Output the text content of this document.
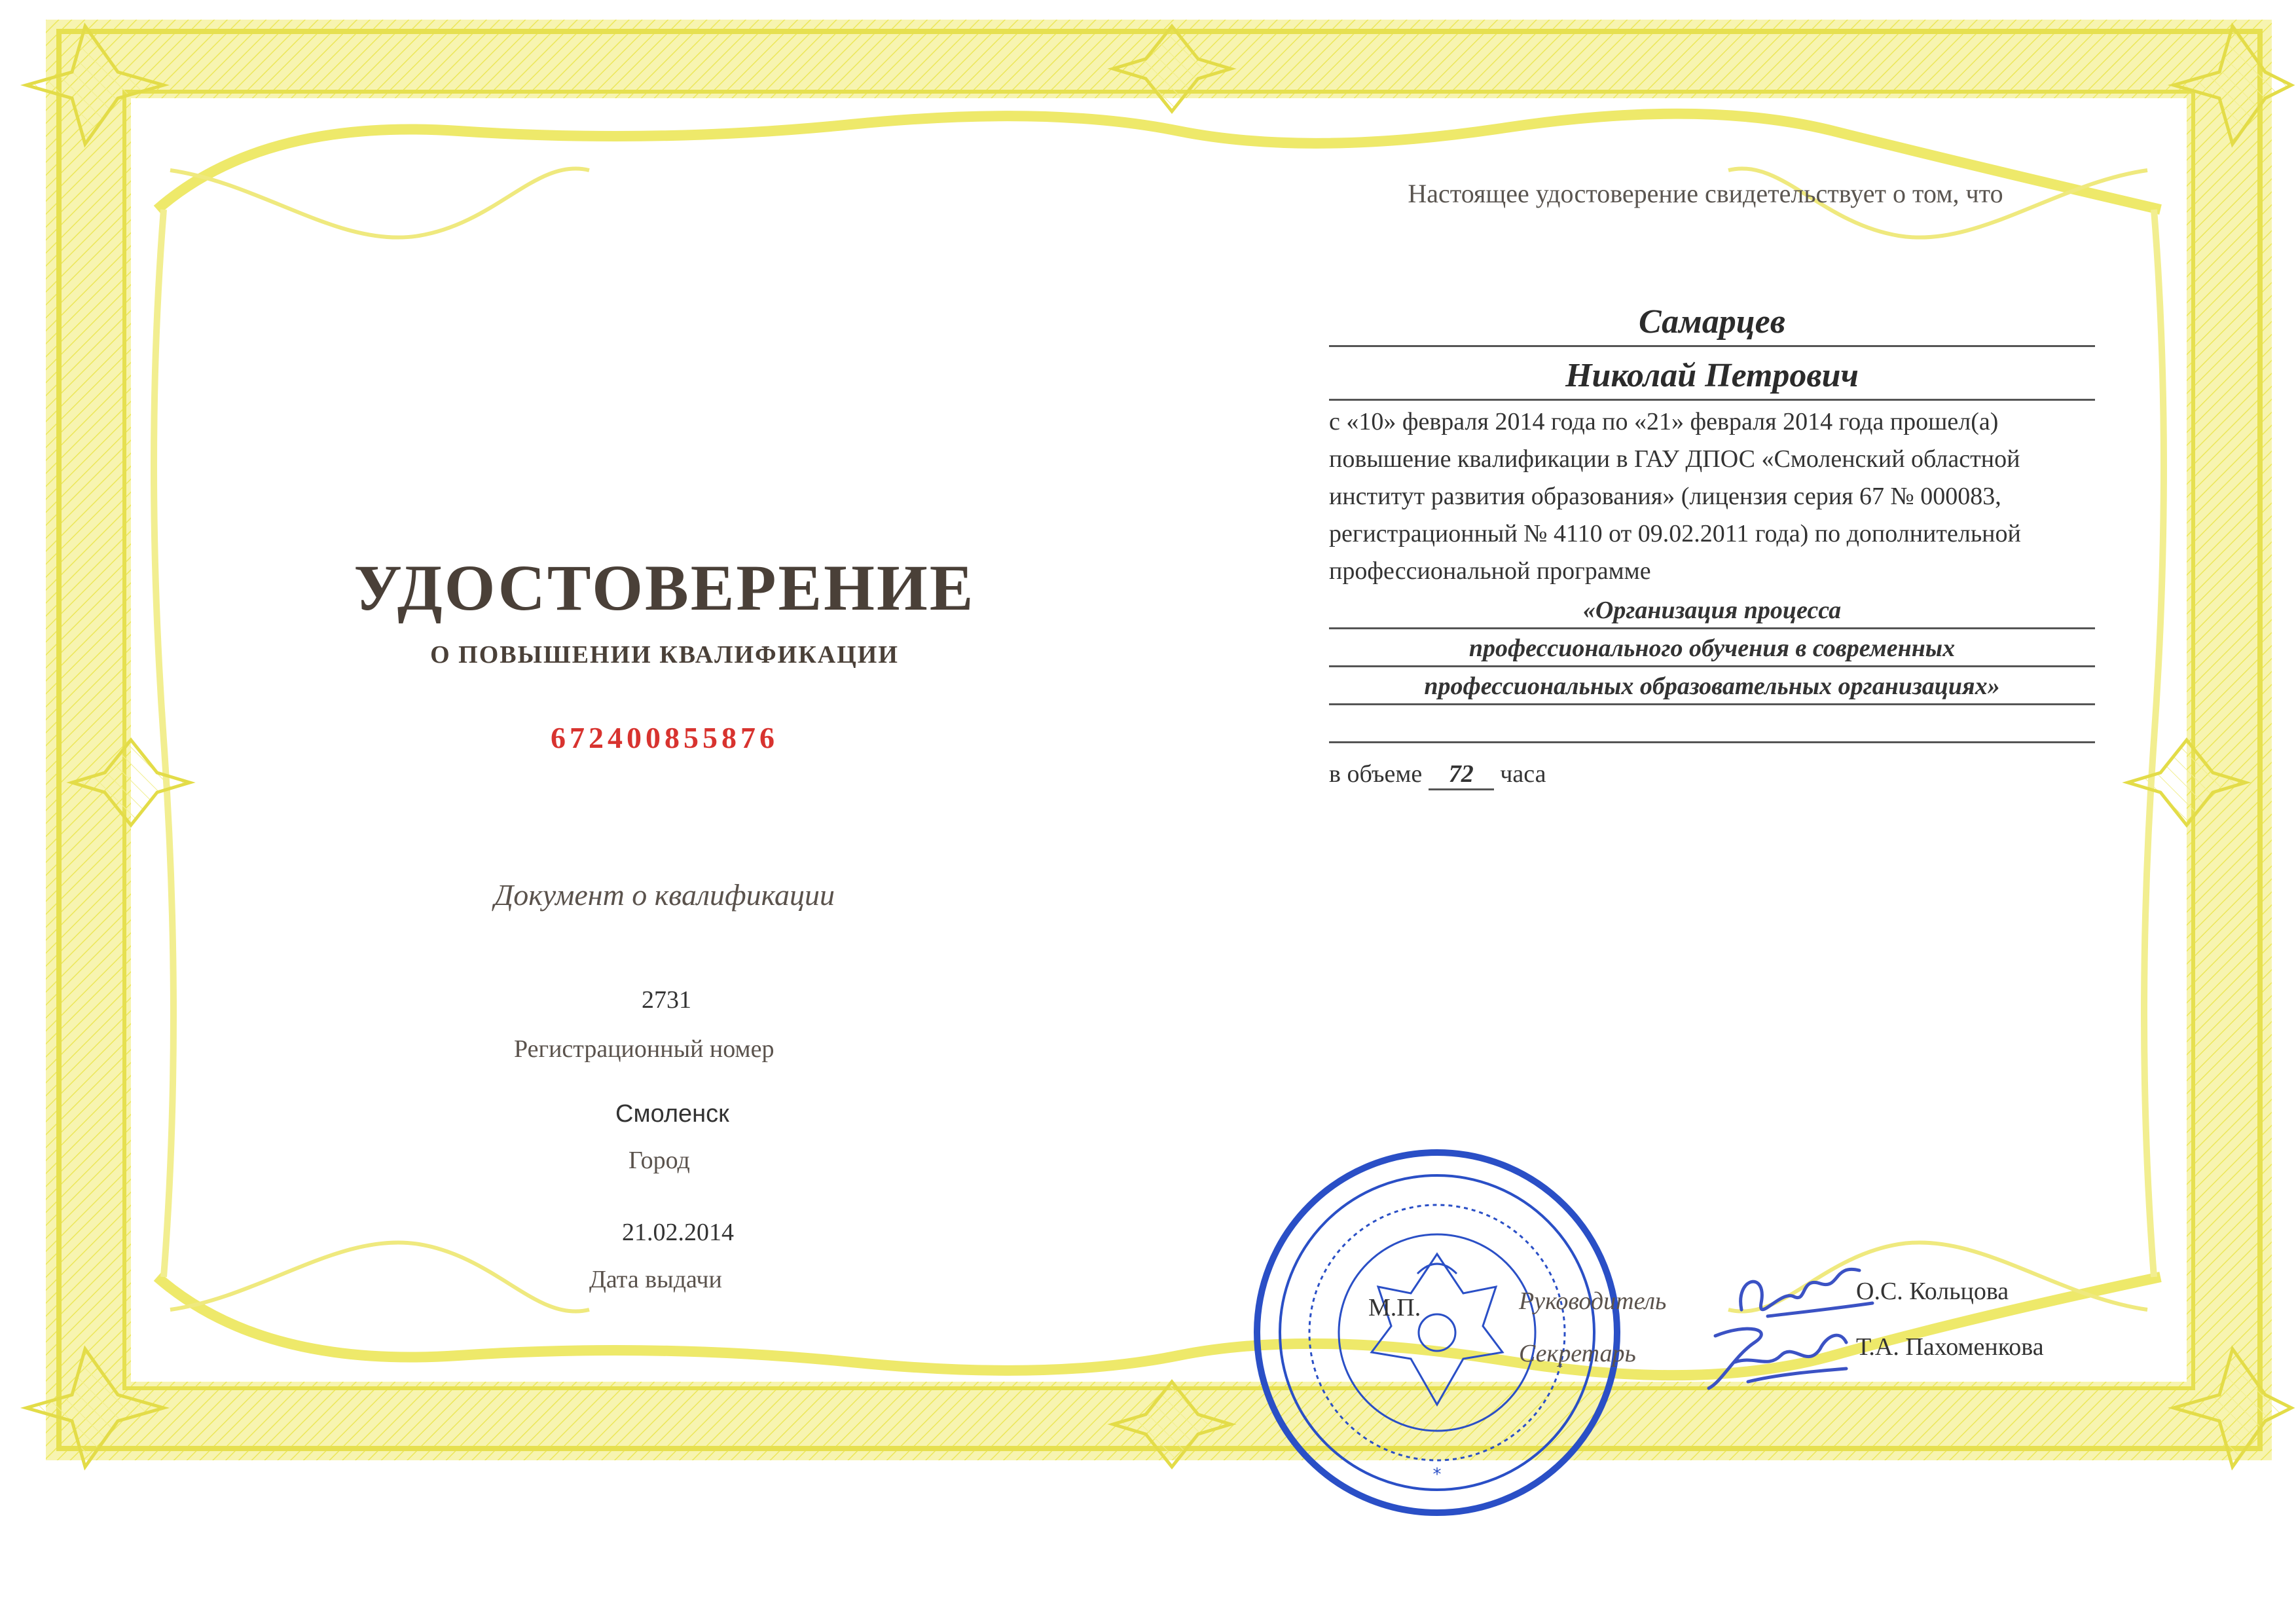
УДОСТОВЕРЕНИЕ
О ПОВЫШЕНИИ КВАЛИФИКАЦИИ
672400855876
Документ о квалификации
2731
Регистрационный номер
Смоленск
Город
21.02.2014
Дата выдачи
Настоящее удостоверение свидетельствует о том, что
Самарцев
Николай Петрович
с «10» февраля 2014 года по «21» февраля 2014 года прошел(а)
повышение квалификации в ГАУ ДПОС «Смоленский областной
институт развития образования» (лицензия серия 67 № 000083,
регистрационный № 4110 от 09.02.2011 года) по дополнительной
профессиональной программе
«Организация процесса
профессионального обучения в современных
профессиональных образовательных организациях»
в объеме 72 часа
*
М.П.	Руководитель
Секретарь
О.С. Кольцова
Т.А. Пахоменкова
